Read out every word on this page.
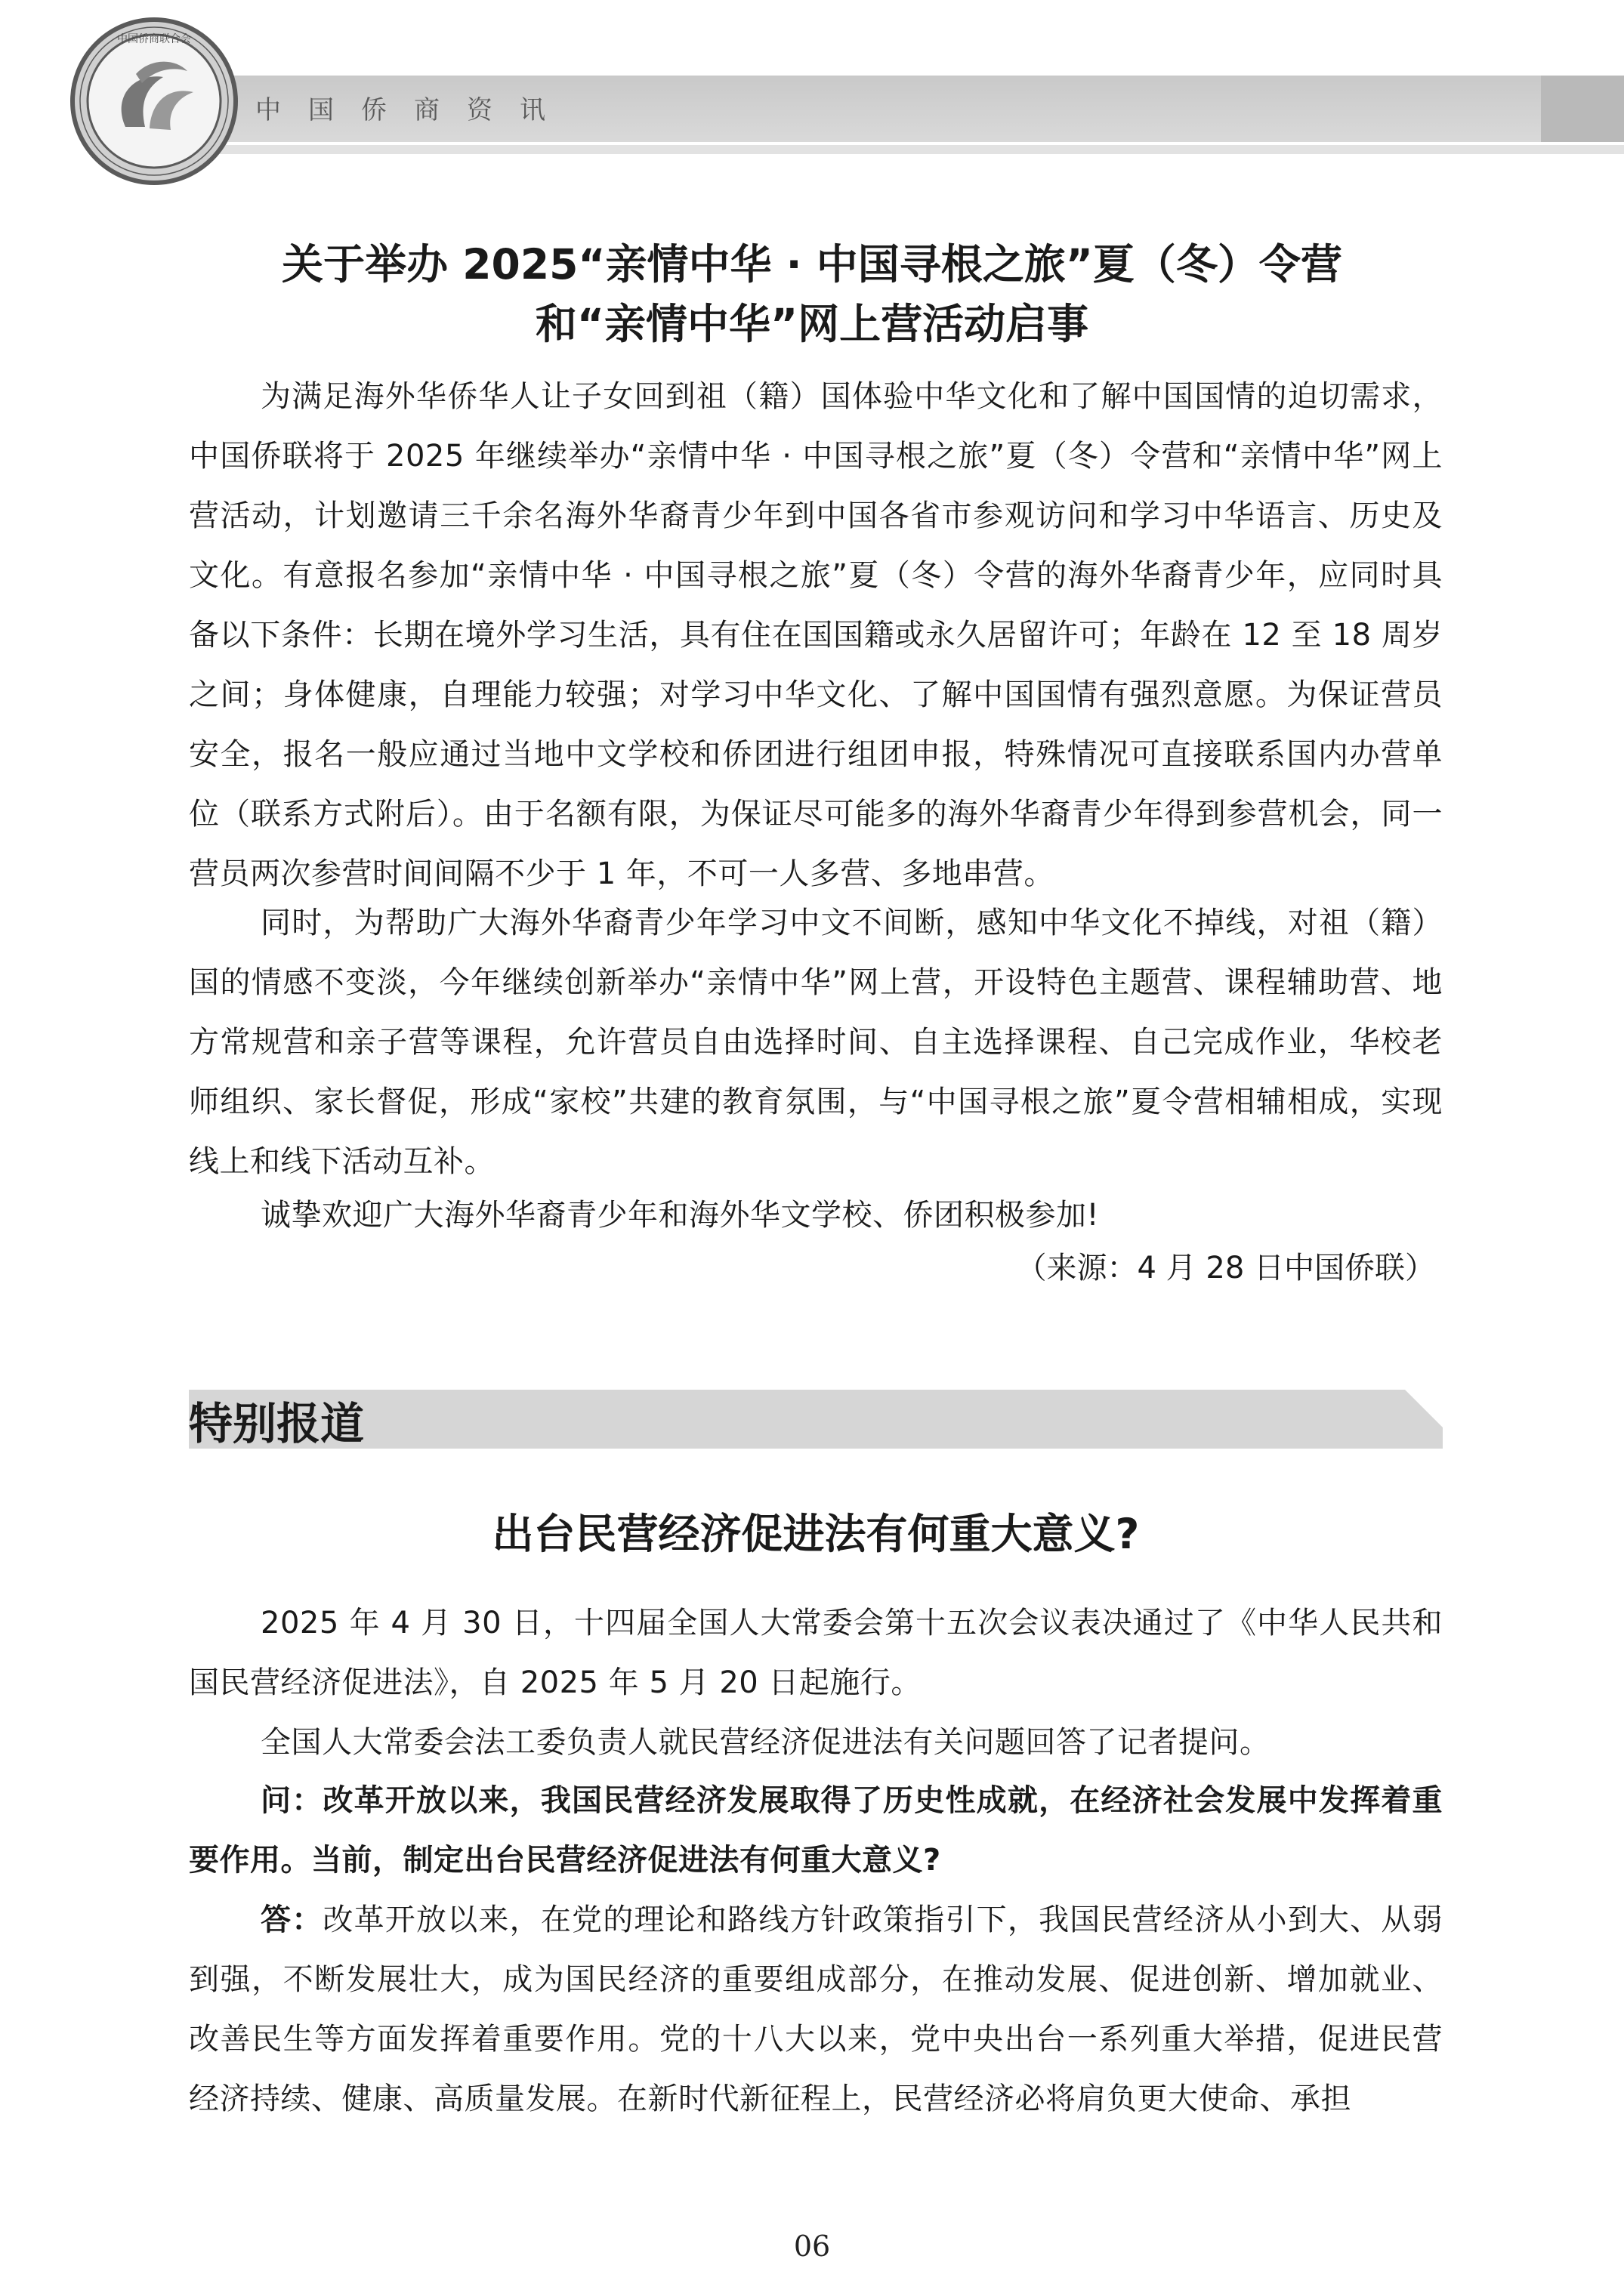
中国侨商资讯
中国侨商联合会
关于举办 2025“亲情中华 · 中国寻根之旅”夏（冬）令营
和“亲情中华”网上营活动启事
为满足海外华侨华人让子女回到祖（籍）国体验中华文化和了解中国国情的迫切需求，中国侨联将于 2025 年继续举办“亲情中华 · 中国寻根之旅”夏（冬）令营和“亲情中华”网上营活动，计划邀请三千余名海外华裔青少年到中国各省市参观访问和学习中华语言、历史及文化。有意报名参加“亲情中华 · 中国寻根之旅”夏（冬）令营的海外华裔青少年，应同时具备以下条件：长期在境外学习生活，具有住在国国籍或永久居留许可；年龄在 12 至 18 周岁之间；身体健康，自理能力较强；对学习中华文化、了解中国国情有强烈意愿。为保证营员安全，报名一般应通过当地中文学校和侨团进行组团申报，特殊情况可直接联系国内办营单位（联系方式附后）。由于名额有限，为保证尽可能多的海外华裔青少年得到参营机会，同一营员两次参营时间间隔不少于 1 年，不可一人多营、多地串营。
同时，为帮助广大海外华裔青少年学习中文不间断，感知中华文化不掉线，对祖（籍）国的情感不变淡，今年继续创新举办“亲情中华”网上营，开设特色主题营、课程辅助营、地方常规营和亲子营等课程，允许营员自由选择时间、自主选择课程、自己完成作业，华校老师组织、家长督促，形成“家校”共建的教育氛围，与“中国寻根之旅”夏令营相辅相成，实现线上和线下活动互补。
诚挚欢迎广大海外华裔青少年和海外华文学校、侨团积极参加!
（来源：4 月 28 日中国侨联）
特别报道
出台民营经济促进法有何重大意义?
2025 年 4 月 30 日，十四届全国人大常委会第十五次会议表决通过了《中华人民共和国民营经济促进法》，自 2025 年 5 月 20 日起施行。
全国人大常委会法工委负责人就民营经济促进法有关问题回答了记者提问。
问：改革开放以来，我国民营经济发展取得了历史性成就，在经济社会发展中发挥着重要作用。当前，制定出台民营经济促进法有何重大意义?
答：改革开放以来，在党的理论和路线方针政策指引下，我国民营经济从小到大、从弱到强，不断发展壮大，成为国民经济的重要组成部分，在推动发展、促进创新、增加就业、改善民生等方面发挥着重要作用。党的十八大以来，党中央出台一系列重大举措，促进民营经济持续、健康、高质量发展。在新时代新征程上，民营经济必将肩负更大使命、承担
06
